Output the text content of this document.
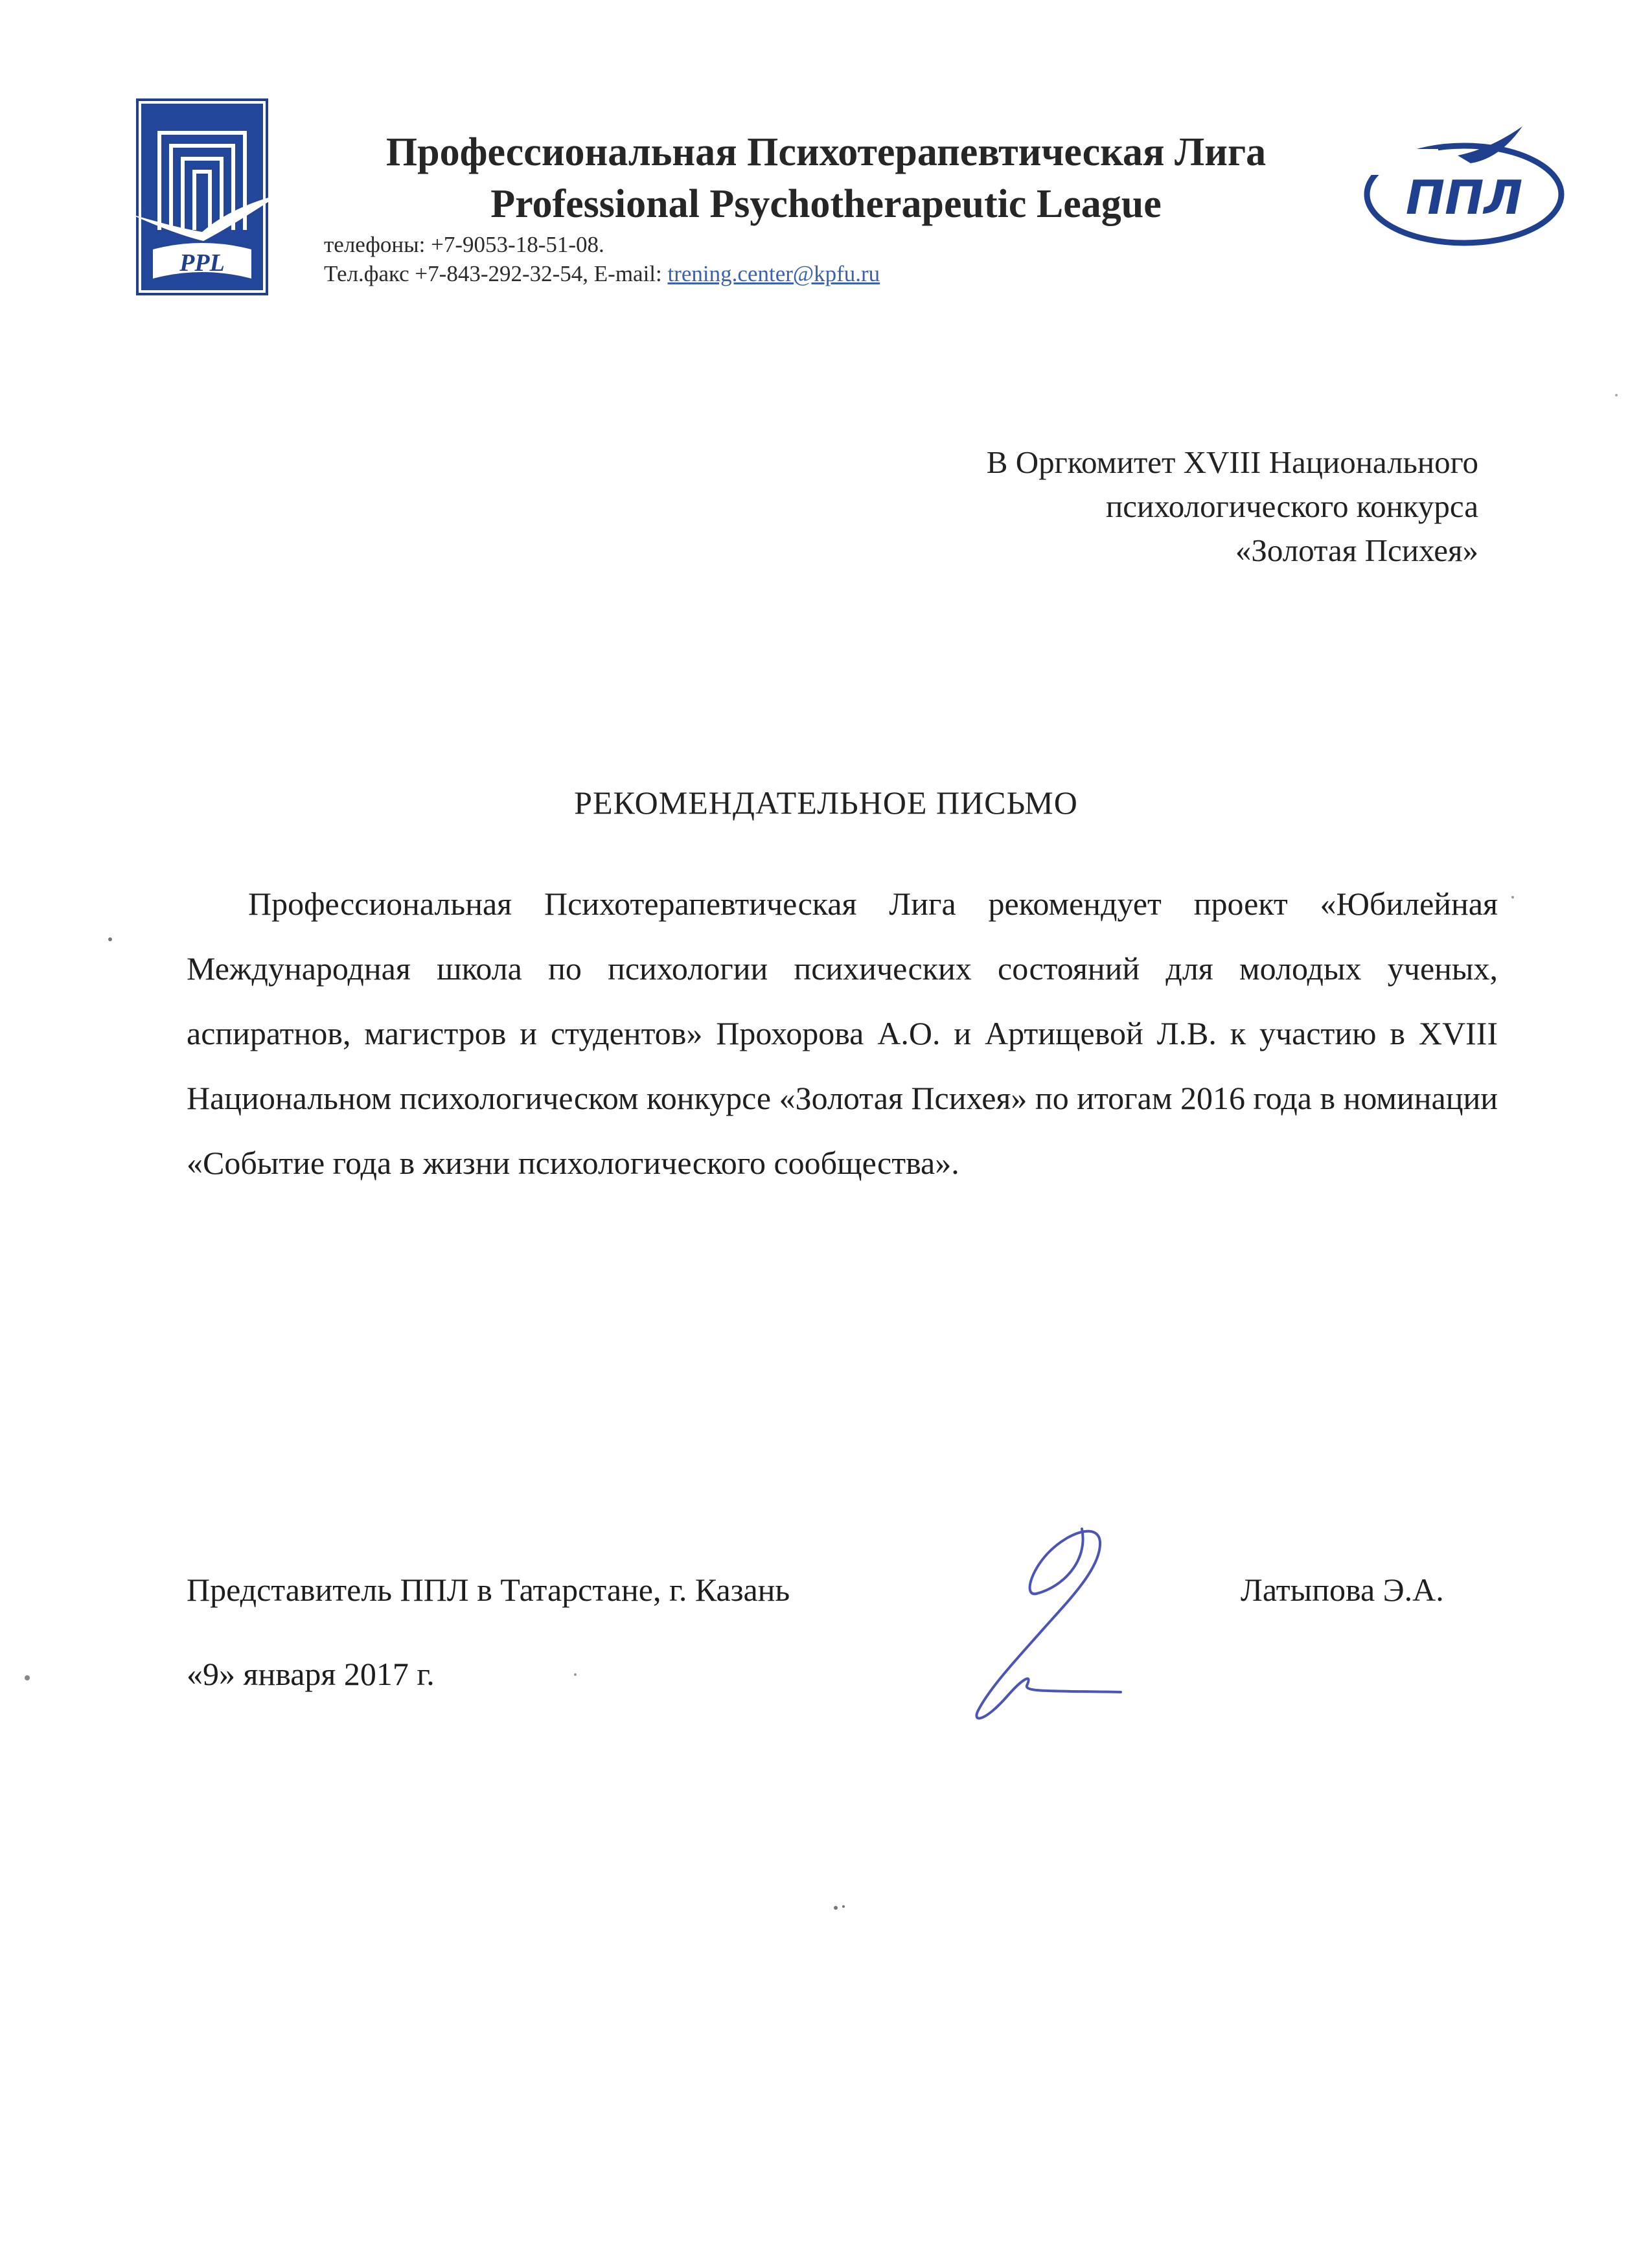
PPL
Профессиональная Психотерапевтическая Лига
Professional Psychotherapeutic League
телефоны: +7-9053-18-51-08.
Тел.факс +7-843-292-32-54, E-mail: trening.center@kpfu.ru
ППЛ
В Оргкомитет XVIII Национального
психологического конкурса
«Золотая Психея»
РЕКОМЕНДАТЕЛЬНОЕ ПИСЬМО
Профессиональная Психотерапевтическая Лига рекомендует проект «Юбилейная Международная школа по психологии психических состояний для молодых ученых, аспиратнов, магистров и студентов» Прохорова А.О. и Артищевой Л.В. к участию в XVIII Национальном психологическом конкурсе «Золотая Психея» по итогам 2016 года в номинации «Событие года в жизни психологического сообщества».
Представитель ППЛ в Татарстане, г. Казань	Латыпова Э.А.
«9» января 2017 г.
